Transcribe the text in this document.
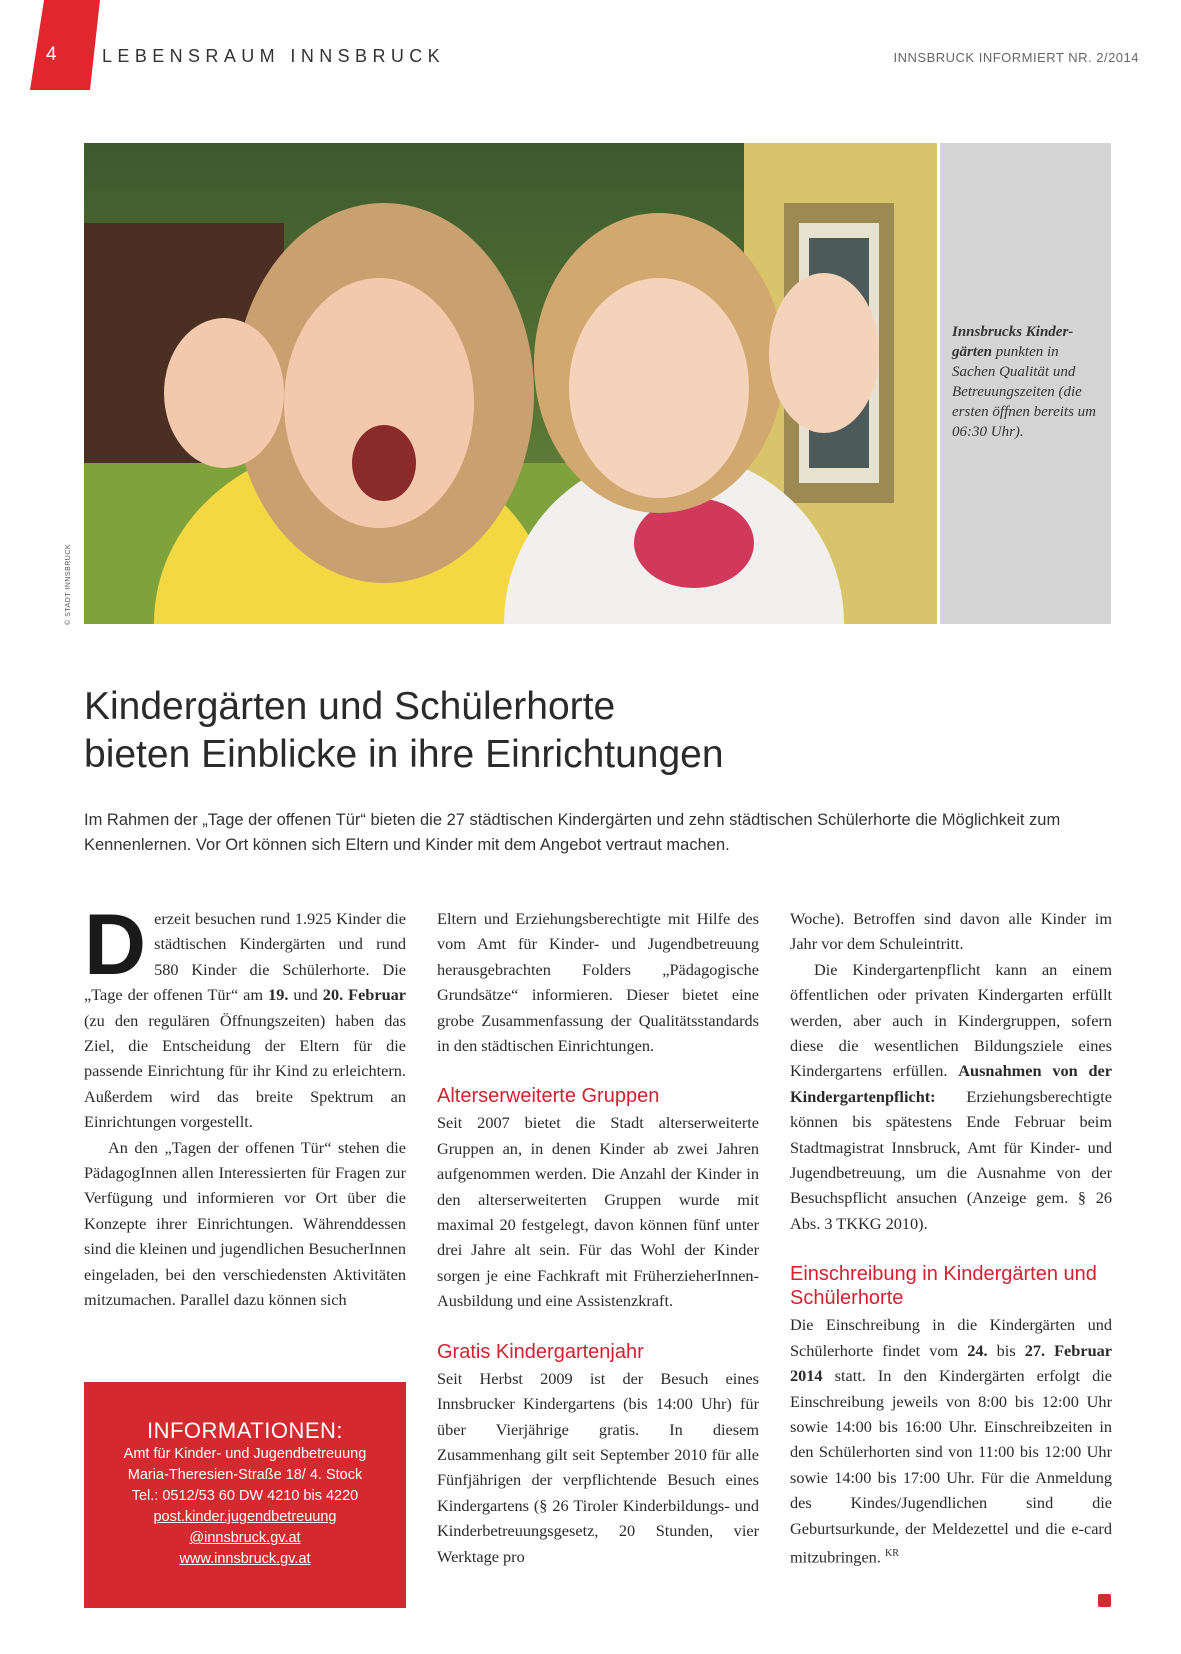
4	LEBENSRAUM INNSBRUCK	INNSBRUCK INFORMIERT NR. 2/2014
Innsbrucks Kinder-gärten punkten in Sachen Qualität und Betreuungszeiten (die ersten öffnen bereits um 06:30 Uhr).
© STADT INNSBRUCK
Kindergärten und Schülerhorte
bieten Einblicke in ihre Einrichtungen

Im Rahmen der „Tage der offenen Tür“ bieten die 27 städtischen Kindergärten und zehn städtischen Schülerhorte die Möglichkeit zum Kennenlernen. Vor Ort können sich Eltern und Kinder mit dem Angebot vertraut machen.

Derzeit besuchen rund 1.925 Kinder die städtischen Kindergärten und rund 580 Kinder die Schülerhorte. Die „Tage der offenen Tür“ am 19. und 20. Februar (zu den regulären Öffnungszeiten) haben das Ziel, die Entscheidung der Eltern für die passende Einrichtung für ihr Kind zu erleichtern. Außerdem wird das breite Spektrum an Einrichtungen vorgestellt.

An den „Tagen der offenen Tür“ stehen die PädagogInnen allen Interessierten für Fragen zur Verfügung und informieren vor Ort über die Konzepte ihrer Einrichtungen. Währenddessen sind die kleinen und jugendlichen BesucherInnen eingeladen, bei den verschiedensten Aktivitäten mitzumachen. Parallel dazu können sich

INFORMATIONEN:
Amt für Kinder- und Jugendbetreuung
Maria-Theresien-Straße 18/ 4. Stock
Tel.: 0512/53 60 DW 4210 bis 4220
post.kinder.jugendbetreuung
@innsbruck.gv.at
www.innsbruck.gv.at

Eltern und Erziehungsberechtigte mit Hilfe des vom Amt für Kinder- und Jugendbetreuung herausgebrachten Folders „Pädagogische Grundsätze“ informieren. Dieser bietet eine grobe Zusammenfassung der Qualitätsstandards in den städtischen Einrichtungen.

Alterserweiterte Gruppen

Seit 2007 bietet die Stadt alterserweiterte Gruppen an, in denen Kinder ab zwei Jahren aufgenommen werden. Die Anzahl der Kinder in den alterserweiterten Gruppen wurde mit maximal 20 festgelegt, davon können fünf unter drei Jahre alt sein. Für das Wohl der Kinder sorgen je eine Fachkraft mit FrüherzieherInnen-Ausbildung und eine Assistenzkraft.

Gratis Kindergartenjahr

Seit Herbst 2009 ist der Besuch eines Innsbrucker Kindergartens (bis 14:00 Uhr) für über Vierjährige gratis. In diesem Zusammenhang gilt seit September 2010 für alle Fünfjährigen der verpflichtende Besuch eines Kindergartens (§ 26 Tiroler Kinderbildungs- und Kinderbetreuungsgesetz, 20 Stunden, vier Werktage pro

Woche). Betroffen sind davon alle Kinder im Jahr vor dem Schuleintritt.

Die Kindergartenpflicht kann an einem öffentlichen oder privaten Kindergarten erfüllt werden, aber auch in Kindergruppen, sofern diese die wesentlichen Bildungsziele eines Kindergartens erfüllen. Ausnahmen von der Kindergartenpflicht: Erziehungsberechtigte können bis spätestens Ende Februar beim Stadtmagistrat Innsbruck, Amt für Kinder- und Jugendbetreuung, um die Ausnahme von der Besuchspflicht ansuchen (Anzeige gem. § 26 Abs. 3 TKKG 2010).

Einschreibung in Kindergärten und Schülerhorte

Die Einschreibung in die Kindergärten und Schülerhorte findet vom 24. bis 27. Februar 2014 statt. In den Kindergärten erfolgt die Einschreibung jeweils von 8:00 bis 12:00 Uhr sowie 14:00 bis 16:00 Uhr. Einschreibzeiten in den Schülerhorten sind von 11:00 bis 12:00 Uhr sowie 14:00 bis 17:00 Uhr. Für die Anmeldung des Kindes/Jugendlichen sind die Geburtsurkunde, der Meldezettel und die e-card mitzubringen. $^{KR}$
